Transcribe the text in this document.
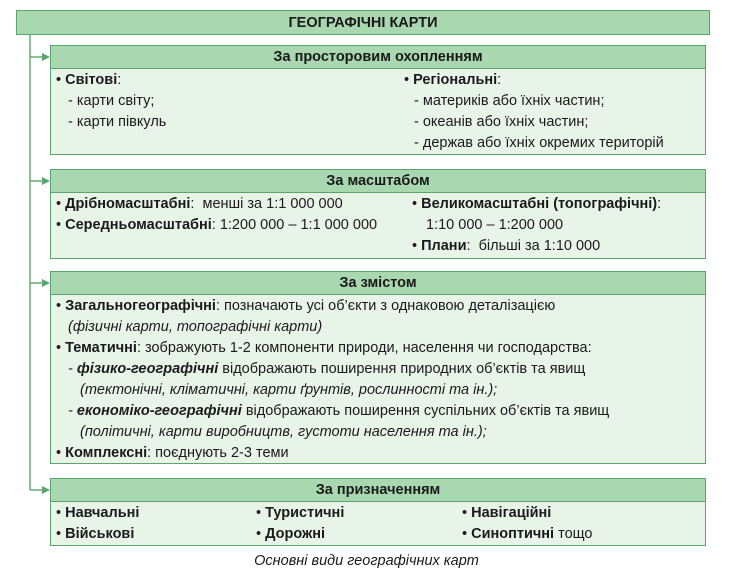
ГЕОГРАФІЧНІ КАРТИ
За просторовим охопленням
• Світові:
- карти світу;
- карти півкуль
• Регіональні:
- материків або їхніх частин;
- океанів або їхніх частин;
- держав або їхніх окремих територій
За масштабом
• Дрібномасштабні: менші за 1:1 000 000
• Середньомасштабні: 1:200 000 – 1:1 000 000
• Великомасштабні (топографічні):
1:10 000 – 1:200 000
• Плани: більші за 1:10 000
За змістом
• Загальногеографічні: позначають усі об’єкти з однаковою деталізацією
(фізичні карти, топографічні карти)
• Тематичні: зображують 1-2 компоненти природи, населення чи господарства:
- фізико-географічні відображають поширення природних об’єктів та явищ
(тектонічні, кліматичні, карти ґрунтів, рослинності та ін.);
- економіко-географічні відображають поширення суспільних об’єктів та явищ
(політичні, карти виробництв, густоти населення та ін.);
• Комплексні: поєднують 2-3 теми
За призначенням
• Навчальні
• Військові
• Туристичні
• Дорожні
• Навігаційні
• Синоптичні тощо
Основні види географічних карт
